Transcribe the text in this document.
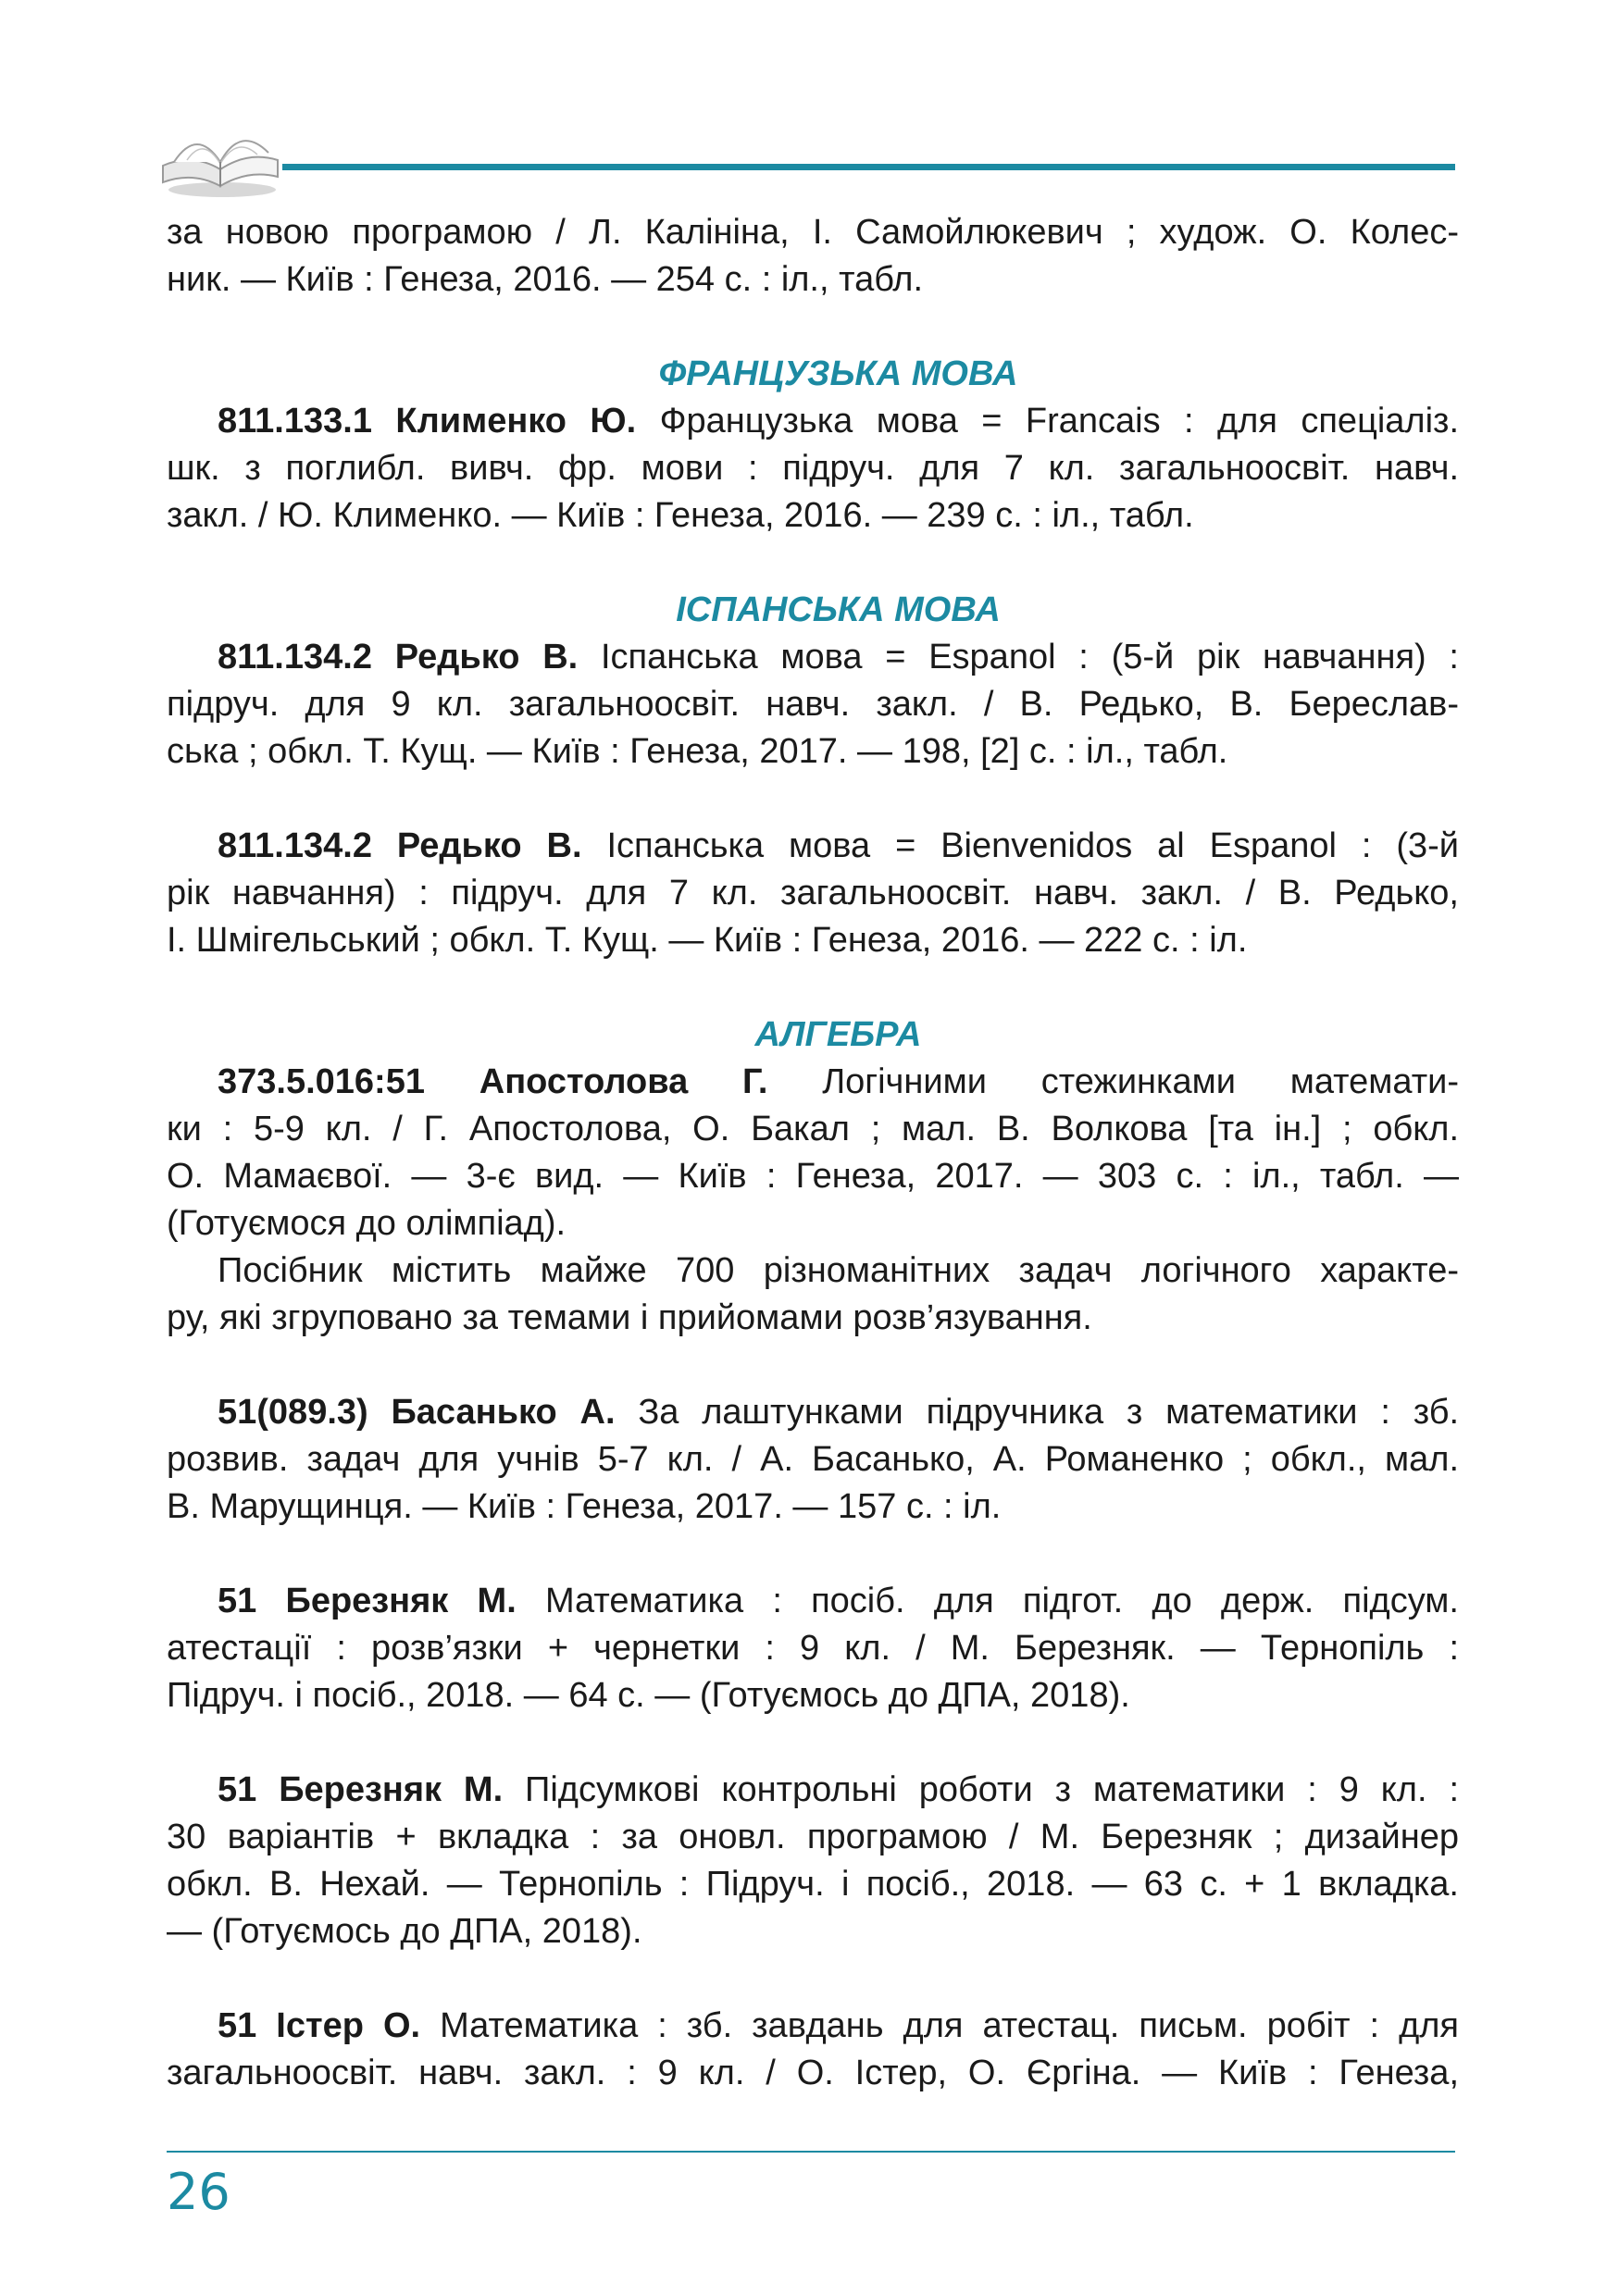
за новою програмою / Л. Калініна, І. Самойлюкевич ; худож. О. Колес-
ник. — Київ : Генеза, 2016. — 254 с. : іл., табл.
ФРАНЦУЗЬКА МОВА
811.133.1 Клименко Ю. Французька мова = Francais : для спеціаліз.
шк. з поглибл. вивч. фр. мови : підруч. для 7 кл. загальноосвіт. навч.
закл. / Ю. Клименко. — Київ : Генеза, 2016. — 239 с. : іл., табл.
ІСПАНСЬКА МОВА
811.134.2 Редько В. Іспанська мова = Espanol : (5-й рік навчання) :
підруч. для 9 кл. загальноосвіт. навч. закл. / В. Редько, В. Береслав-
ська ; обкл. Т. Кущ. — Київ : Генеза, 2017. — 198, [2] с. : іл., табл.
811.134.2 Редько В. Іспанська мова = Bienvenidos al Espanol : (3-й
рік навчання) : підруч. для 7 кл. загальноосвіт. навч. закл. / В. Редько,
І. Шмігельський ; обкл. Т. Кущ. — Київ : Генеза, 2016. — 222 с. : іл.
АЛГЕБРА
373.5.016:51 Апостолова Г. Логічними стежинками математи-
ки : 5-9 кл. / Г. Апостолова, О. Бакал ; мал. В. Волкова [та ін.] ; обкл.
О. Мамаєвої. — 3-є вид. — Київ : Генеза, 2017. — 303 с. : іл., табл. —
(Готуємося до олімпіад).
Посібник містить майже 700 різноманітних задач логічного характе-
ру, які згруповано за темами і прийомами розв’язування.
51(089.3) Басанько А. За лаштунками підручника з математики : зб.
розвив. задач для учнів 5-7 кл. / А. Басанько, А. Романенко ; обкл., мал.
В. Марущинця. — Київ : Генеза, 2017. — 157 с. : іл.
51 Березняк М. Математика : посіб. для підгот. до держ. підсум.
атестації : розв’язки + чернетки : 9 кл. / М. Березняк. — Тернопіль :
Підруч. і посіб., 2018. — 64 с. — (Готуємось до ДПА, 2018).
51 Березняк М. Підсумкові контрольні роботи з математики : 9 кл. :
30 варіантів + вкладка : за оновл. програмою / М. Березняк ; дизайнер
обкл. В. Нехай. — Тернопіль : Підруч. і посіб., 2018. — 63 с. + 1 вкладка.
— (Готуємось до ДПА, 2018).
51 Істер О. Математика : зб. завдань для атестац. письм. робіт : для
загальноосвіт. навч. закл. : 9 кл. / О. Істер, О. Єргіна. — Київ : Генеза,
26
